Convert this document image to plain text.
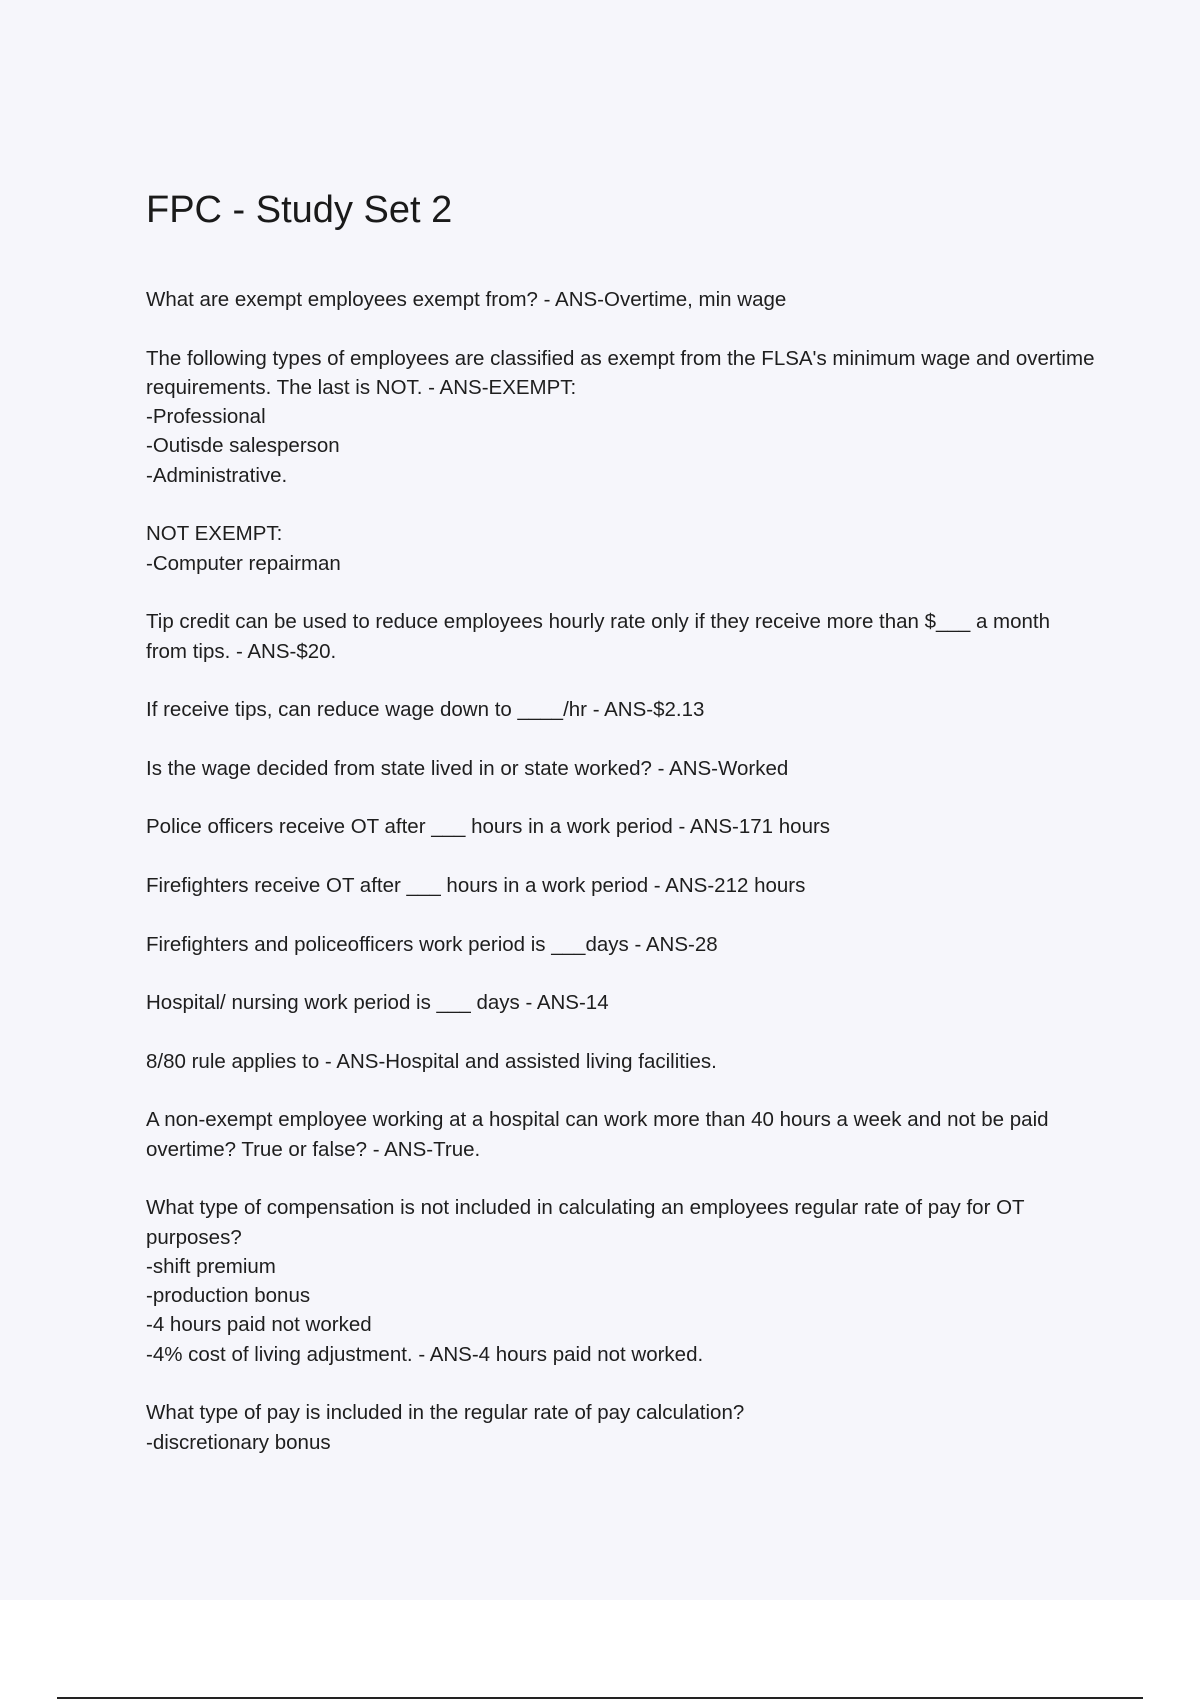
FPC - Study Set 2

What are exempt employees exempt from? - ANS-Overtime, min wage

The following types of employees are classified as exempt from the FLSA's minimum wage and overtime requirements. The last is NOT. - ANS-EXEMPT:
-Professional
-Outisde salesperson
-Administrative.

NOT EXEMPT:
-Computer repairman

Tip credit can be used to reduce employees hourly rate only if they receive more than $___ a month from tips. - ANS-$20.

If receive tips, can reduce wage down to ____/hr - ANS-$2.13

Is the wage decided from state lived in or state worked? - ANS-Worked

Police officers receive OT after ___ hours in a work period - ANS-171 hours

Firefighters receive OT after ___ hours in a work period - ANS-212 hours

Firefighters and policeofficers work period is ___days - ANS-28

Hospital/ nursing work period is ___ days - ANS-14

8/80 rule applies to - ANS-Hospital and assisted living facilities.

A non-exempt employee working at a hospital can work more than 40 hours a week and not be paid overtime? True or false? - ANS-True.

What type of compensation is not included in calculating an employees regular rate of pay for OT purposes?
-shift premium
-production bonus
-4 hours paid not worked
-4% cost of living adjustment. - ANS-4 hours paid not worked.

What type of pay is included in the regular rate of pay calculation?
-discretionary bonus
